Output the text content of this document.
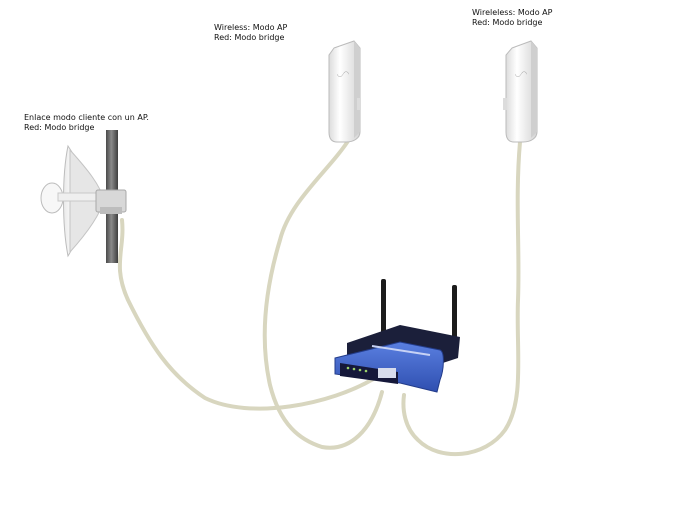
◡◠	◡◠
Enlace modo cliente con un AP.
Red: Modo bridge
Wireless: Modo AP
Red: Modo bridge
Wireleless: Modo AP
Red: Modo bridge
